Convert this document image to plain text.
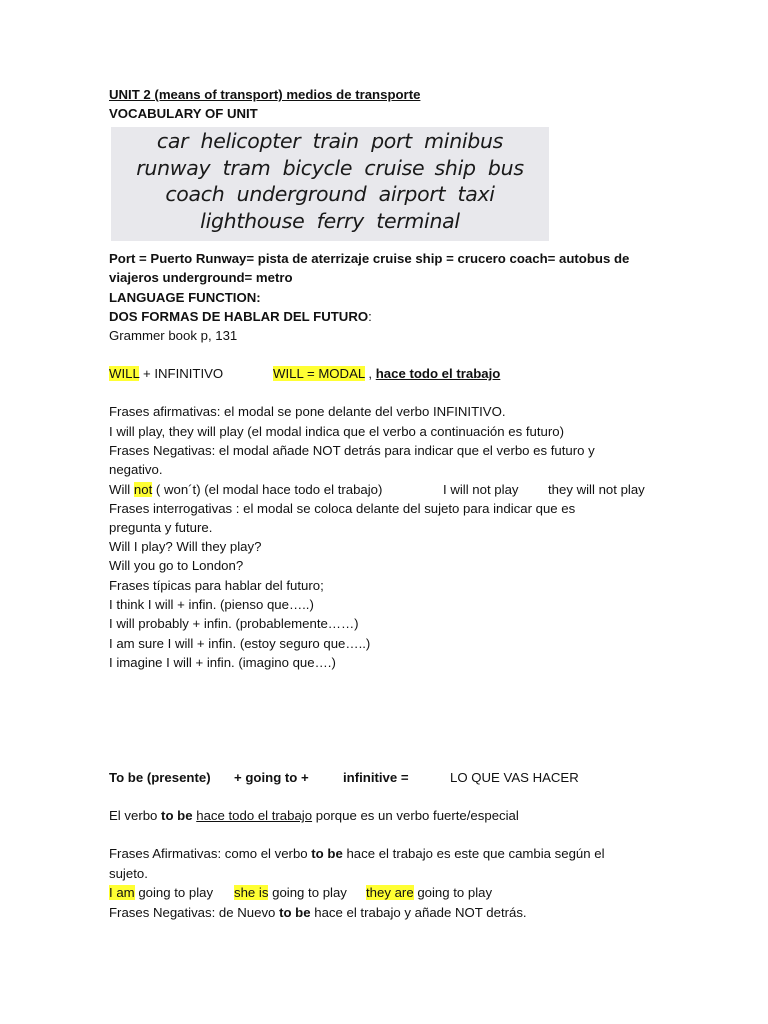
UNIT 2 (means of transport) medios de transporte
VOCABULARY OF UNIT
car helicopter train port minibus
runway tram bicycle cruise ship bus
coach underground airport taxi
lighthouse ferry terminal
Port = Puerto Runway= pista de aterrizaje cruise ship = crucero coach= autobus de
viajeros underground= metro
LANGUAGE FUNCTION:
DOS FORMAS DE HABLAR DEL FUTURO:
Grammer book p, 131
WILL + INFINITIVO	WILL = MODAL , hace todo el trabajo
Frases afirmativas: el modal se pone delante del verbo INFINITIVO.
I will play, they will play (el modal indica que el verbo a continuación es futuro)
Frases Negativas: el modal añade NOT detrás para indicar que el verbo es futuro y
negativo.
Will not ( won´t) (el modal hace todo el trabajo)	I will not play they will not play
Frases interrogativas : el modal se coloca delante del sujeto para indicar que es
pregunta y future.
Will I play? Will they play?
Will you go to London?
Frases típicas para hablar del futuro;
I think I will + infin. (pienso que…..)
I will probably + infin. (probablemente……)
I am sure I will + infin. (estoy seguro que…..)
I imagine I will + infin. (imagino que….)
To be (presente) + going to +	infinitive =	LO QUE VAS HACER
El verbo to be hace todo el trabajo porque es un verbo fuerte/especial
Frases Afirmativas: como el verbo to be hace el trabajo es este que cambia según el
sujeto.
I am going to play she is going to play they are going to play
Frases Negativas: de Nuevo to be hace el trabajo y añade NOT detrás.
